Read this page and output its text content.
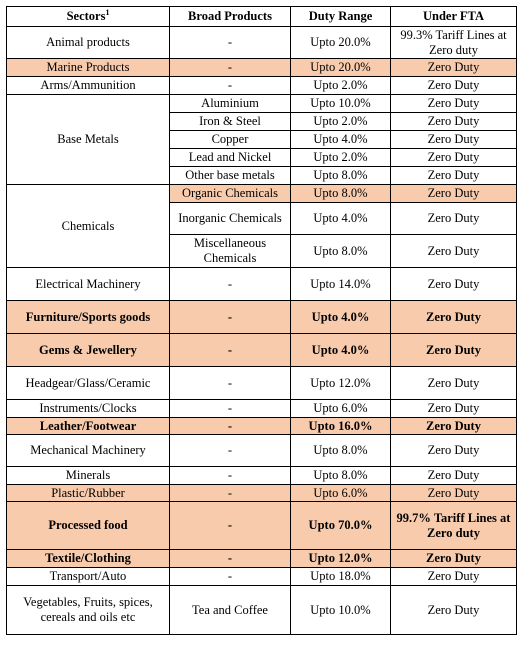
Sectors$^1$	Broad Products	Duty Range	Under FTA
Animal products	-	Upto 20.0%	99.3% Tariff Lines at Zero duty
Marine Products	-	Upto 20.0%	Zero Duty
Arms/Ammunition	-	Upto 2.0%	Zero Duty
Base Metals	Aluminium	Upto 10.0%	Zero Duty
	Iron & Steel	Upto 2.0%	Zero Duty
	Copper	Upto 4.0%	Zero Duty
	Lead and Nickel	Upto 2.0%	Zero Duty
	Other base metals	Upto 8.0%	Zero Duty
Chemicals	Organic Chemicals	Upto 8.0%	Zero Duty
	Inorganic Chemicals	Upto 4.0%	Zero Duty
	Miscellaneous Chemicals	Upto 8.0%	Zero Duty
Electrical Machinery	-	Upto 14.0%	Zero Duty
Furniture/Sports goods	-	Upto 4.0%	Zero Duty
Gems & Jewellery	-	Upto 4.0%	Zero Duty
Headgear/Glass/Ceramic	-	Upto 12.0%	Zero Duty
Instruments/Clocks	-	Upto 6.0%	Zero Duty
Leather/Footwear	-	Upto 16.0%	Zero Duty
Mechanical Machinery	-	Upto 8.0%	Zero Duty
Minerals	-	Upto 8.0%	Zero Duty
Plastic/Rubber	-	Upto 6.0%	Zero Duty
Processed food	-	Upto 70.0%	99.7% Tariff Lines at Zero duty
Textile/Clothing	-	Upto 12.0%	Zero Duty
Transport/Auto	-	Upto 18.0%	Zero Duty
Vegetables, Fruits, spices, cereals and oils etc	Tea and Coffee	Upto 10.0%	Zero Duty
